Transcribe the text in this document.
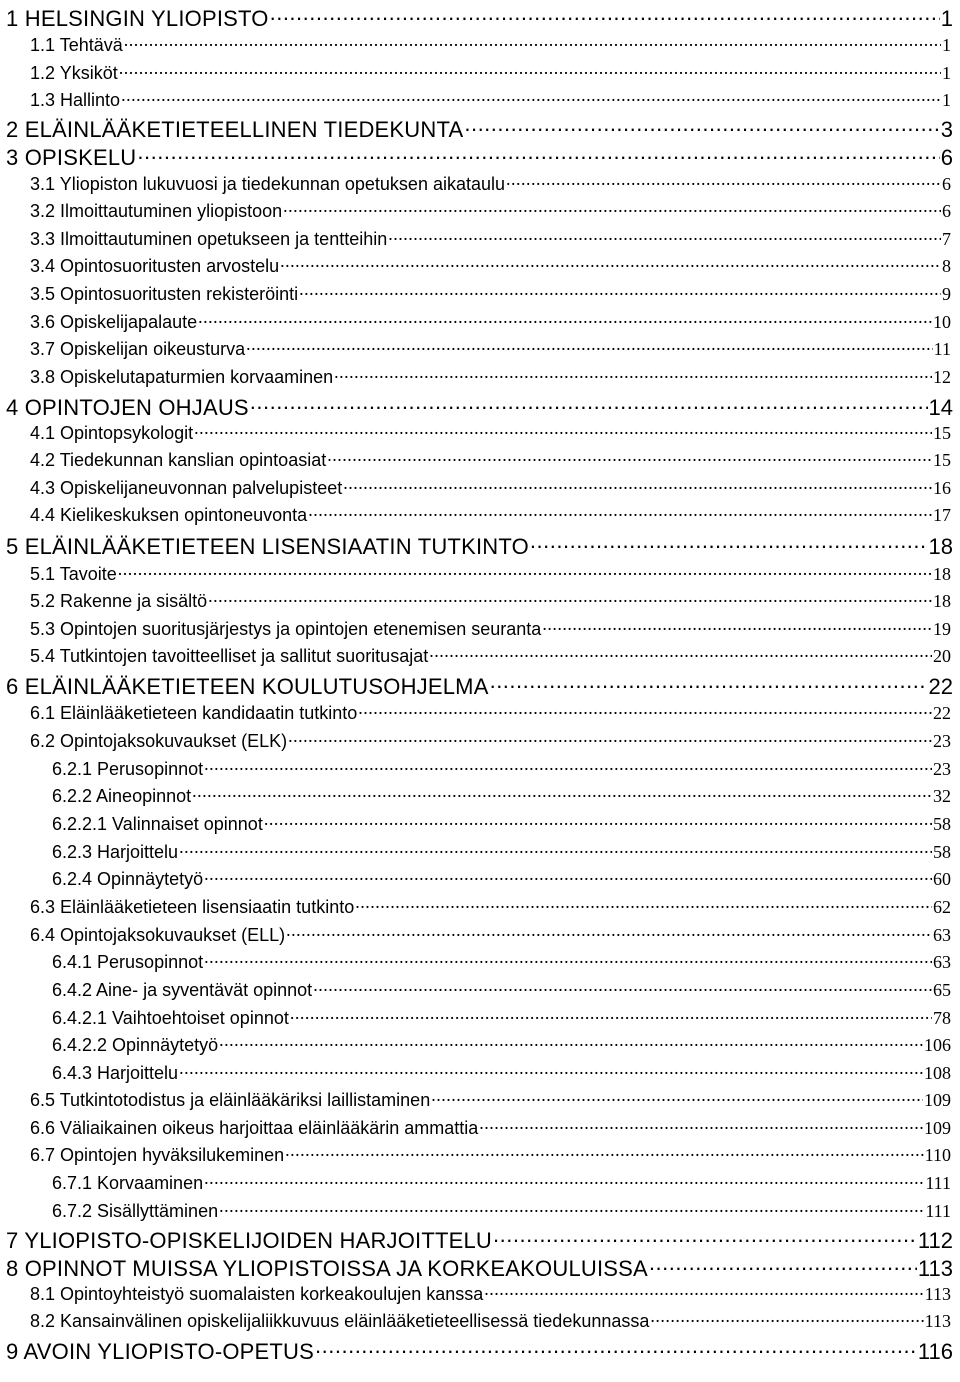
1 HELSINGIN YLIOPISTO .....	1
1.1 Tehtävä .....	1
1.2 Yksiköt .....	1
1.3 Hallinto .....	1
2 ELÄINLÄÄKETIETEELLINEN TIEDEKUNTA .....	3
3 OPISKELU .....	6
3.1 Yliopiston lukuvuosi ja tiedekunnan opetuksen aikataulu .....	6
3.2 Ilmoittautuminen yliopistoon .....	6
3.3 Ilmoittautuminen opetukseen ja tentteihin .....	7
3.4 Opintosuoritusten arvostelu .....	8
3.5 Opintosuoritusten rekisteröinti .....	9
3.6 Opiskelijapalaute .....	10
3.7 Opiskelijan oikeusturva .....	11
3.8 Opiskelutapaturmien korvaaminen .....	12
4 OPINTOJEN OHJAUS .....	14
4.1 Opintopsykologit .....	15
4.2 Tiedekunnan kanslian opintoasiat .....	15
4.3 Opiskelijaneuvonnan palvelupisteet .....	16
4.4 Kielikeskuksen opintoneuvonta .....	17
5 ELÄINLÄÄKETIETEEN LISENSIAATIN TUTKINTO .....	18
5.1 Tavoite .....	18
5.2 Rakenne ja sisältö .....	18
5.3 Opintojen suoritusjärjestys ja opintojen etenemisen seuranta .....	19
5.4 Tutkintojen tavoitteelliset ja sallitut suoritusajat .....	20
6 ELÄINLÄÄKETIETEEN KOULUTUSOHJELMA .....	22
6.1 Eläinlääketieteen kandidaatin tutkinto .....	22
6.2 Opintojaksokuvaukset (ELK) .....	23
6.2.1 Perusopinnot .....	23
6.2.2 Aineopinnot .....	32
6.2.2.1 Valinnaiset opinnot .....	58
6.2.3 Harjoittelu .....	58
6.2.4 Opinnäytetyö .....	60
6.3 Eläinlääketieteen lisensiaatin tutkinto .....	62
6.4 Opintojaksokuvaukset (ELL) .....	63
6.4.1 Perusopinnot .....	63
6.4.2 Aine- ja syventävät opinnot .....	65
6.4.2.1 Vaihtoehtoiset opinnot .....	78
6.4.2.2 Opinnäytetyö .....	106
6.4.3 Harjoittelu .....	108
6.5 Tutkintotodistus ja eläinlääkäriksi laillistaminen .....	109
6.6 Väliaikainen oikeus harjoittaa eläinlääkärin ammattia .....	109
6.7 Opintojen hyväksilukeminen .....	110
6.7.1 Korvaaminen .....	111
6.7.2 Sisällyttäminen .....	111
7 YLIOPISTO-OPISKELIJOIDEN HARJOITTELU .....	112
8 OPINNOT MUISSA YLIOPISTOISSA JA KORKEAKOULUISSA .....	113
8.1 Opintoyhteistyö suomalaisten korkeakoulujen kanssa .....	113
8.2 Kansainvälinen opiskelijaliikkuvuus eläinlääketieteellisessä tiedekunnassa .....	113
9 AVOIN YLIOPISTO-OPETUS .....	116
